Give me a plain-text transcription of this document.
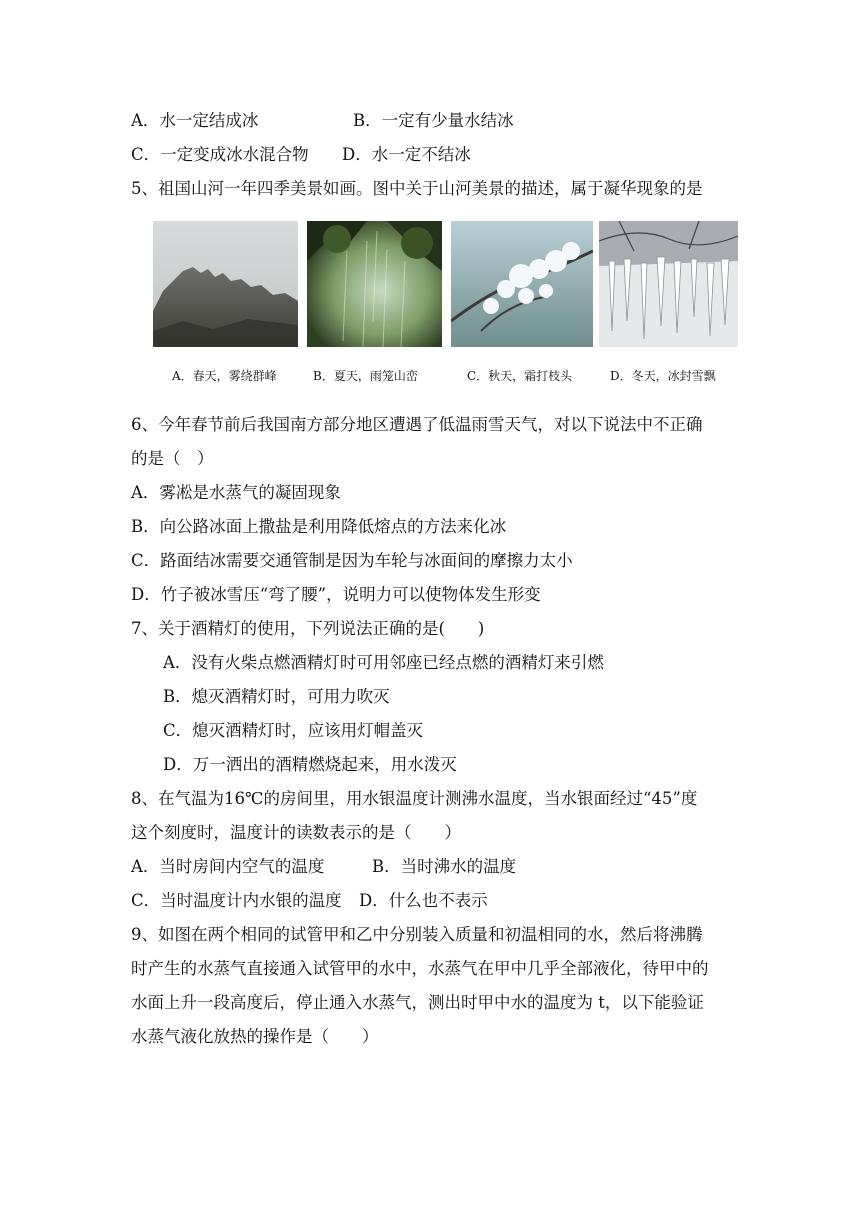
A．水一定结成冰	B．一定有少量水结冰
C．一定变成冰水混合物 D．水一定不结冰
5、祖国山河一年四季美景如画。图中关于山河美景的描述，属于凝华现象的是
A．春天，雾绕群峰	B．夏天，雨笼山峦	C．秋天，霜打枝头	D．冬天，冰封雪飘
6、今年春节前后我国南方部分地区遭遇了低温雨雪天气，对以下说法中不正确
的是（　）
A．雾凇是水蒸气的凝固现象
B．向公路冰面上撒盐是利用降低熔点的方法来化冰
C．路面结冰需要交通管制是因为车轮与冰面间的摩擦力太小
D．竹子被冰雪压“弯了腰”，说明力可以使物体发生形变
7、关于酒精灯的使用，下列说法正确的是(　　)
A．没有火柴点燃酒精灯时可用邻座已经点燃的酒精灯来引燃
B．熄灭酒精灯时，可用力吹灭
C．熄灭酒精灯时，应该用灯帽盖灭
D．万一洒出的酒精燃烧起来，用水泼灭
8、在气温为16℃的房间里，用水银温度计测沸水温度，当水银面经过“45”度
这个刻度时，温度计的读数表示的是（　　）
A．当时房间内空气的温度	B．当时沸水的温度
C．当时温度计内水银的温度 D．什么也不表示
9、如图在两个相同的试管甲和乙中分别装入质量和初温相同的水，然后将沸腾
时产生的水蒸气直接通入试管甲的水中，水蒸气在甲中几乎全部液化，待甲中的
水面上升一段高度后，停止通入水蒸气，测出时甲中水的温度为 t，以下能验证
水蒸气液化放热的操作是（　　）
